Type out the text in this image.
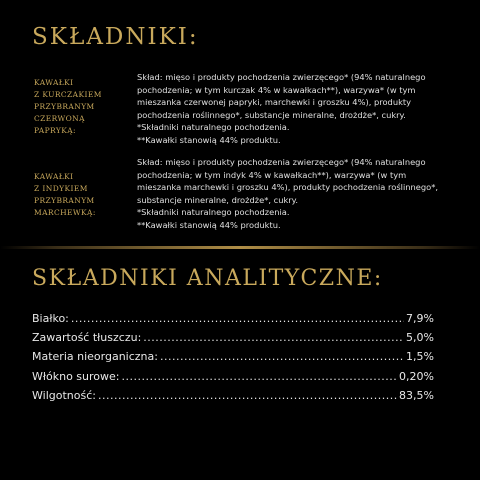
SKŁADNIKI:
KAWAŁKI
Z KURCZAKIEM
PRZYBRANYM
CZERWONĄ
PAPRYKĄ:

Skład: mięso i produkty pochodzenia zwierzęcego* (94% naturalnego pochodzenia; w tym kurczak 4% w kawałkach**), warzywa* (w tym mieszanka czerwonej papryki, marchewki i groszku 4%), produkty pochodzenia roślinnego*, substancje mineralne, drożdże*, cukry.

*Składniki naturalnego pochodzenia.

**Kawałki stanowią 44% produktu.

KAWAŁKI
Z INDYKIEM
PRZYBRANYM
MARCHEWKĄ:

Skład: mięso i produkty pochodzenia zwierzęcego* (94% naturalnego pochodzenia; w tym indyk 4% w kawałkach**), warzywa* (w tym mieszanka marchewki i groszku 4%), produkty pochodzenia roślinnego*, substancje mineralne, drożdże*, cukry.

*Składniki naturalnego pochodzenia.

**Kawałki stanowią 44% produktu.

SKŁADNIKI ANALITYCZNE:
Białko: .....	7,9%
Zawartość tłuszczu: .....	5,0%
Materia nieorganiczna: .....	1,5%
Włókno surowe: .....	0,20%
Wilgotność: .....	83,5%
